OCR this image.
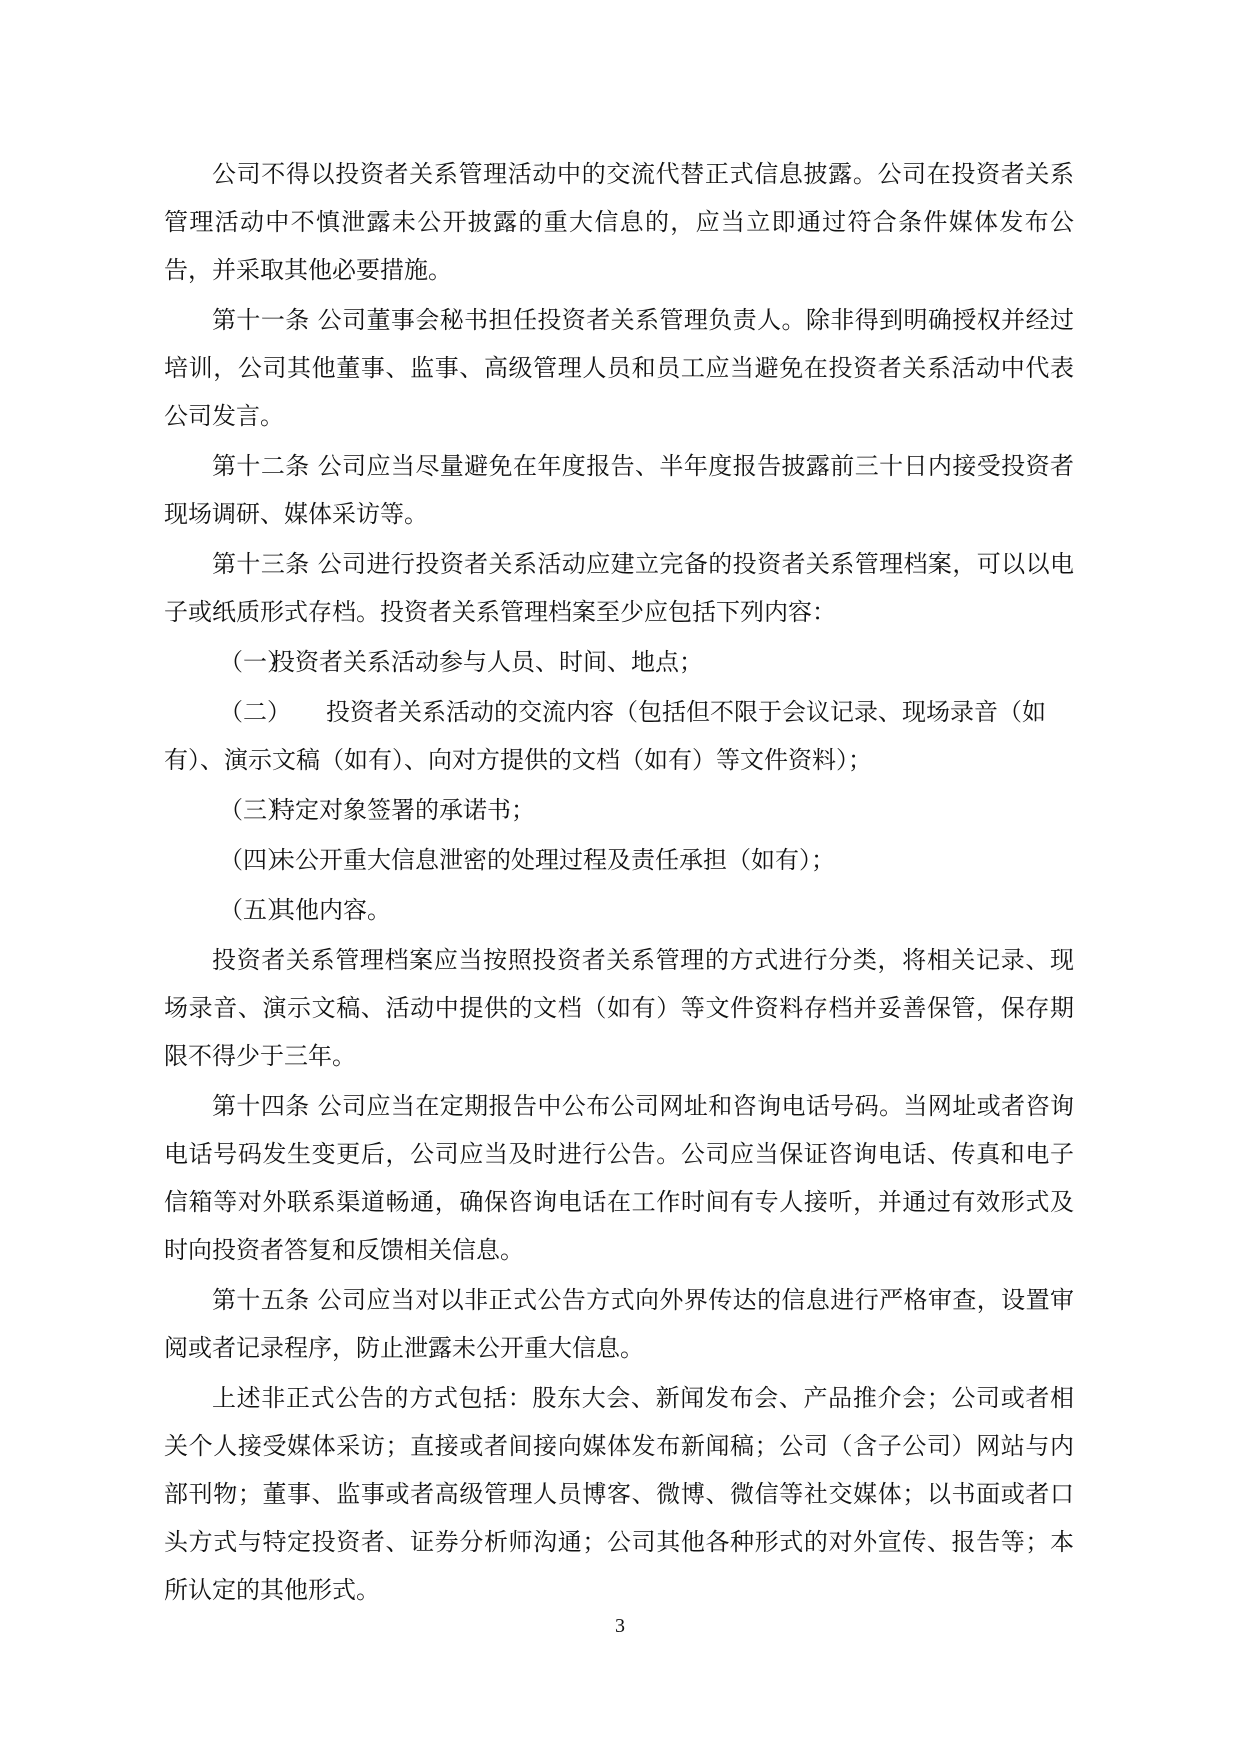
公司不得以投资者关系管理活动中的交流代替正式信息披露。公司在投资者关系管理活动中不慎泄露未公开披露的重大信息的，应当立即通过符合条件媒体发布公告，并采取其他必要措施。

第十一条 公司董事会秘书担任投资者关系管理负责人。除非得到明确授权并经过培训，公司其他董事、监事、高级管理人员和员工应当避免在投资者关系活动中代表公司发言。

第十二条 公司应当尽量避免在年度报告、半年度报告披露前三十日内接受投资者现场调研、媒体采访等。

第十三条 公司进行投资者关系活动应建立完备的投资者关系管理档案，可以以电子或纸质形式存档。投资者关系管理档案至少应包括下列内容：

（一）投资者关系活动参与人员、时间、地点；
（二） 投资者关系活动的交流内容（包括但不限于会议记录、现场录音（如有）、演示文稿（如有）、向对方提供的文档（如有）等文件资料）；
（三）特定对象签署的承诺书；
（四）未公开重大信息泄密的处理过程及责任承担（如有）；
（五）其他内容。

投资者关系管理档案应当按照投资者关系管理的方式进行分类，将相关记录、现场录音、演示文稿、活动中提供的文档（如有）等文件资料存档并妥善保管，保存期限不得少于三年。

第十四条 公司应当在定期报告中公布公司网址和咨询电话号码。当网址或者咨询电话号码发生变更后，公司应当及时进行公告。公司应当保证咨询电话、传真和电子信箱等对外联系渠道畅通，确保咨询电话在工作时间有专人接听，并通过有效形式及时向投资者答复和反馈相关信息。

第十五条 公司应当对以非正式公告方式向外界传达的信息进行严格审查，设置审阅或者记录程序，防止泄露未公开重大信息。

上述非正式公告的方式包括：股东大会、新闻发布会、产品推介会；公司或者相关个人接受媒体采访；直接或者间接向媒体发布新闻稿；公司（含子公司）网站与内部刊物；董事、监事或者高级管理人员博客、微博、微信等社交媒体；以书面或者口头方式与特定投资者、证券分析师沟通；公司其他各种形式的对外宣传、报告等；本所认定的其他形式。

3
